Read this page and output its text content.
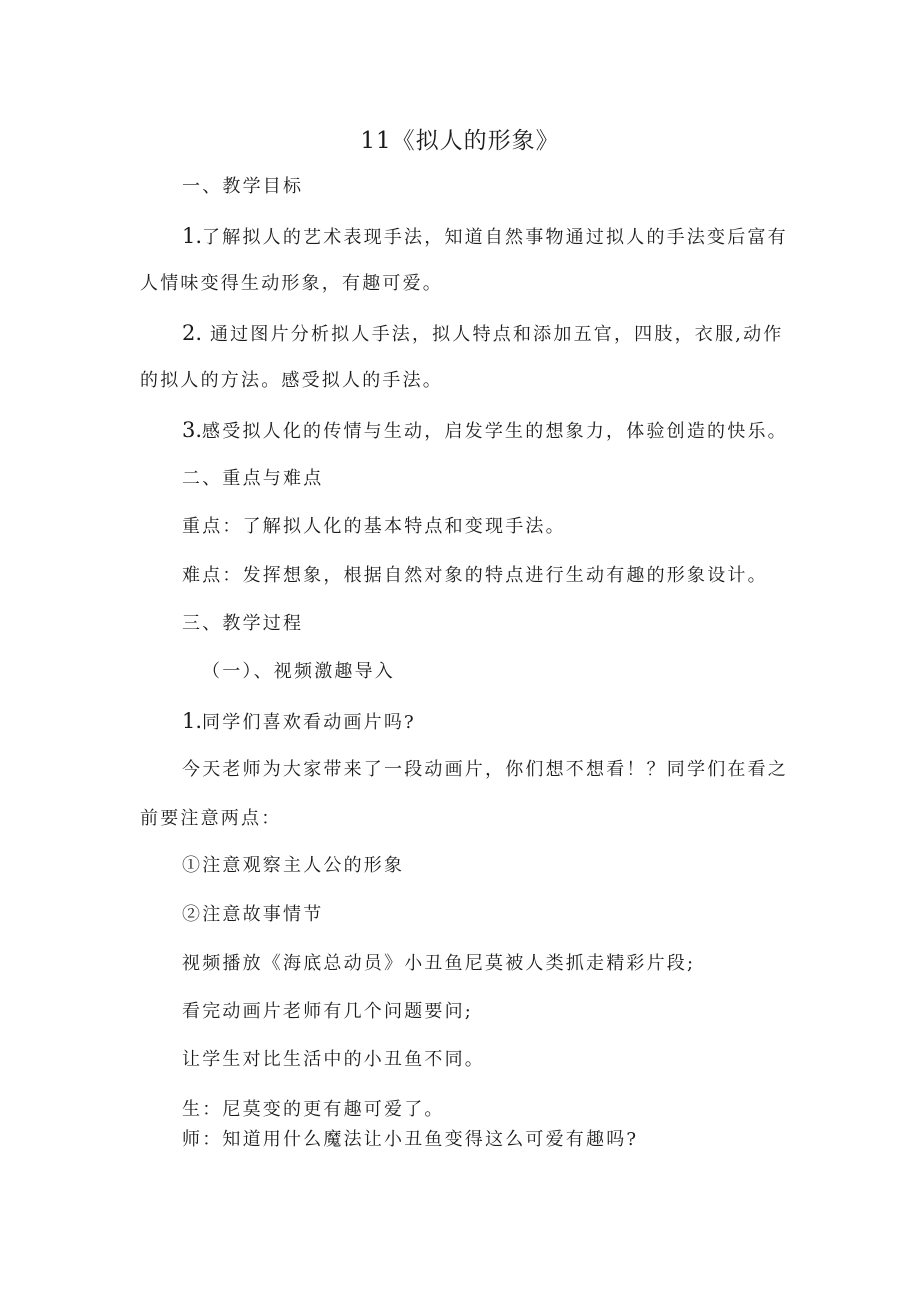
11《拟人的形象》
一、教学目标
1.了解拟人的艺术表现手法，知道自然事物通过拟人的手法变后富有
人情味变得生动形象，有趣可爱。
2. 通过图片分析拟人手法，拟人特点和添加五官，四肢，衣服,动作
的拟人的方法。感受拟人的手法。
3.感受拟人化的传情与生动，启发学生的想象力，体验创造的快乐。
二、重点与难点
重点：了解拟人化的基本特点和变现手法。
难点：发挥想象，根据自然对象的特点进行生动有趣的形象设计。
三、教学过程
（一）、视频激趣导入
1.同学们喜欢看动画片吗?
今天老师为大家带来了一段动画片，你们想不想看！？同学们在看之
前要注意两点：
①注意观察主人公的形象
②注意故事情节
视频播放《海底总动员》小丑鱼尼莫被人类抓走精彩片段;
看完动画片老师有几个问题要问;
让学生对比生活中的小丑鱼不同。
生：尼莫变的更有趣可爱了。
师：知道用什么魔法让小丑鱼变得这么可爱有趣吗?
